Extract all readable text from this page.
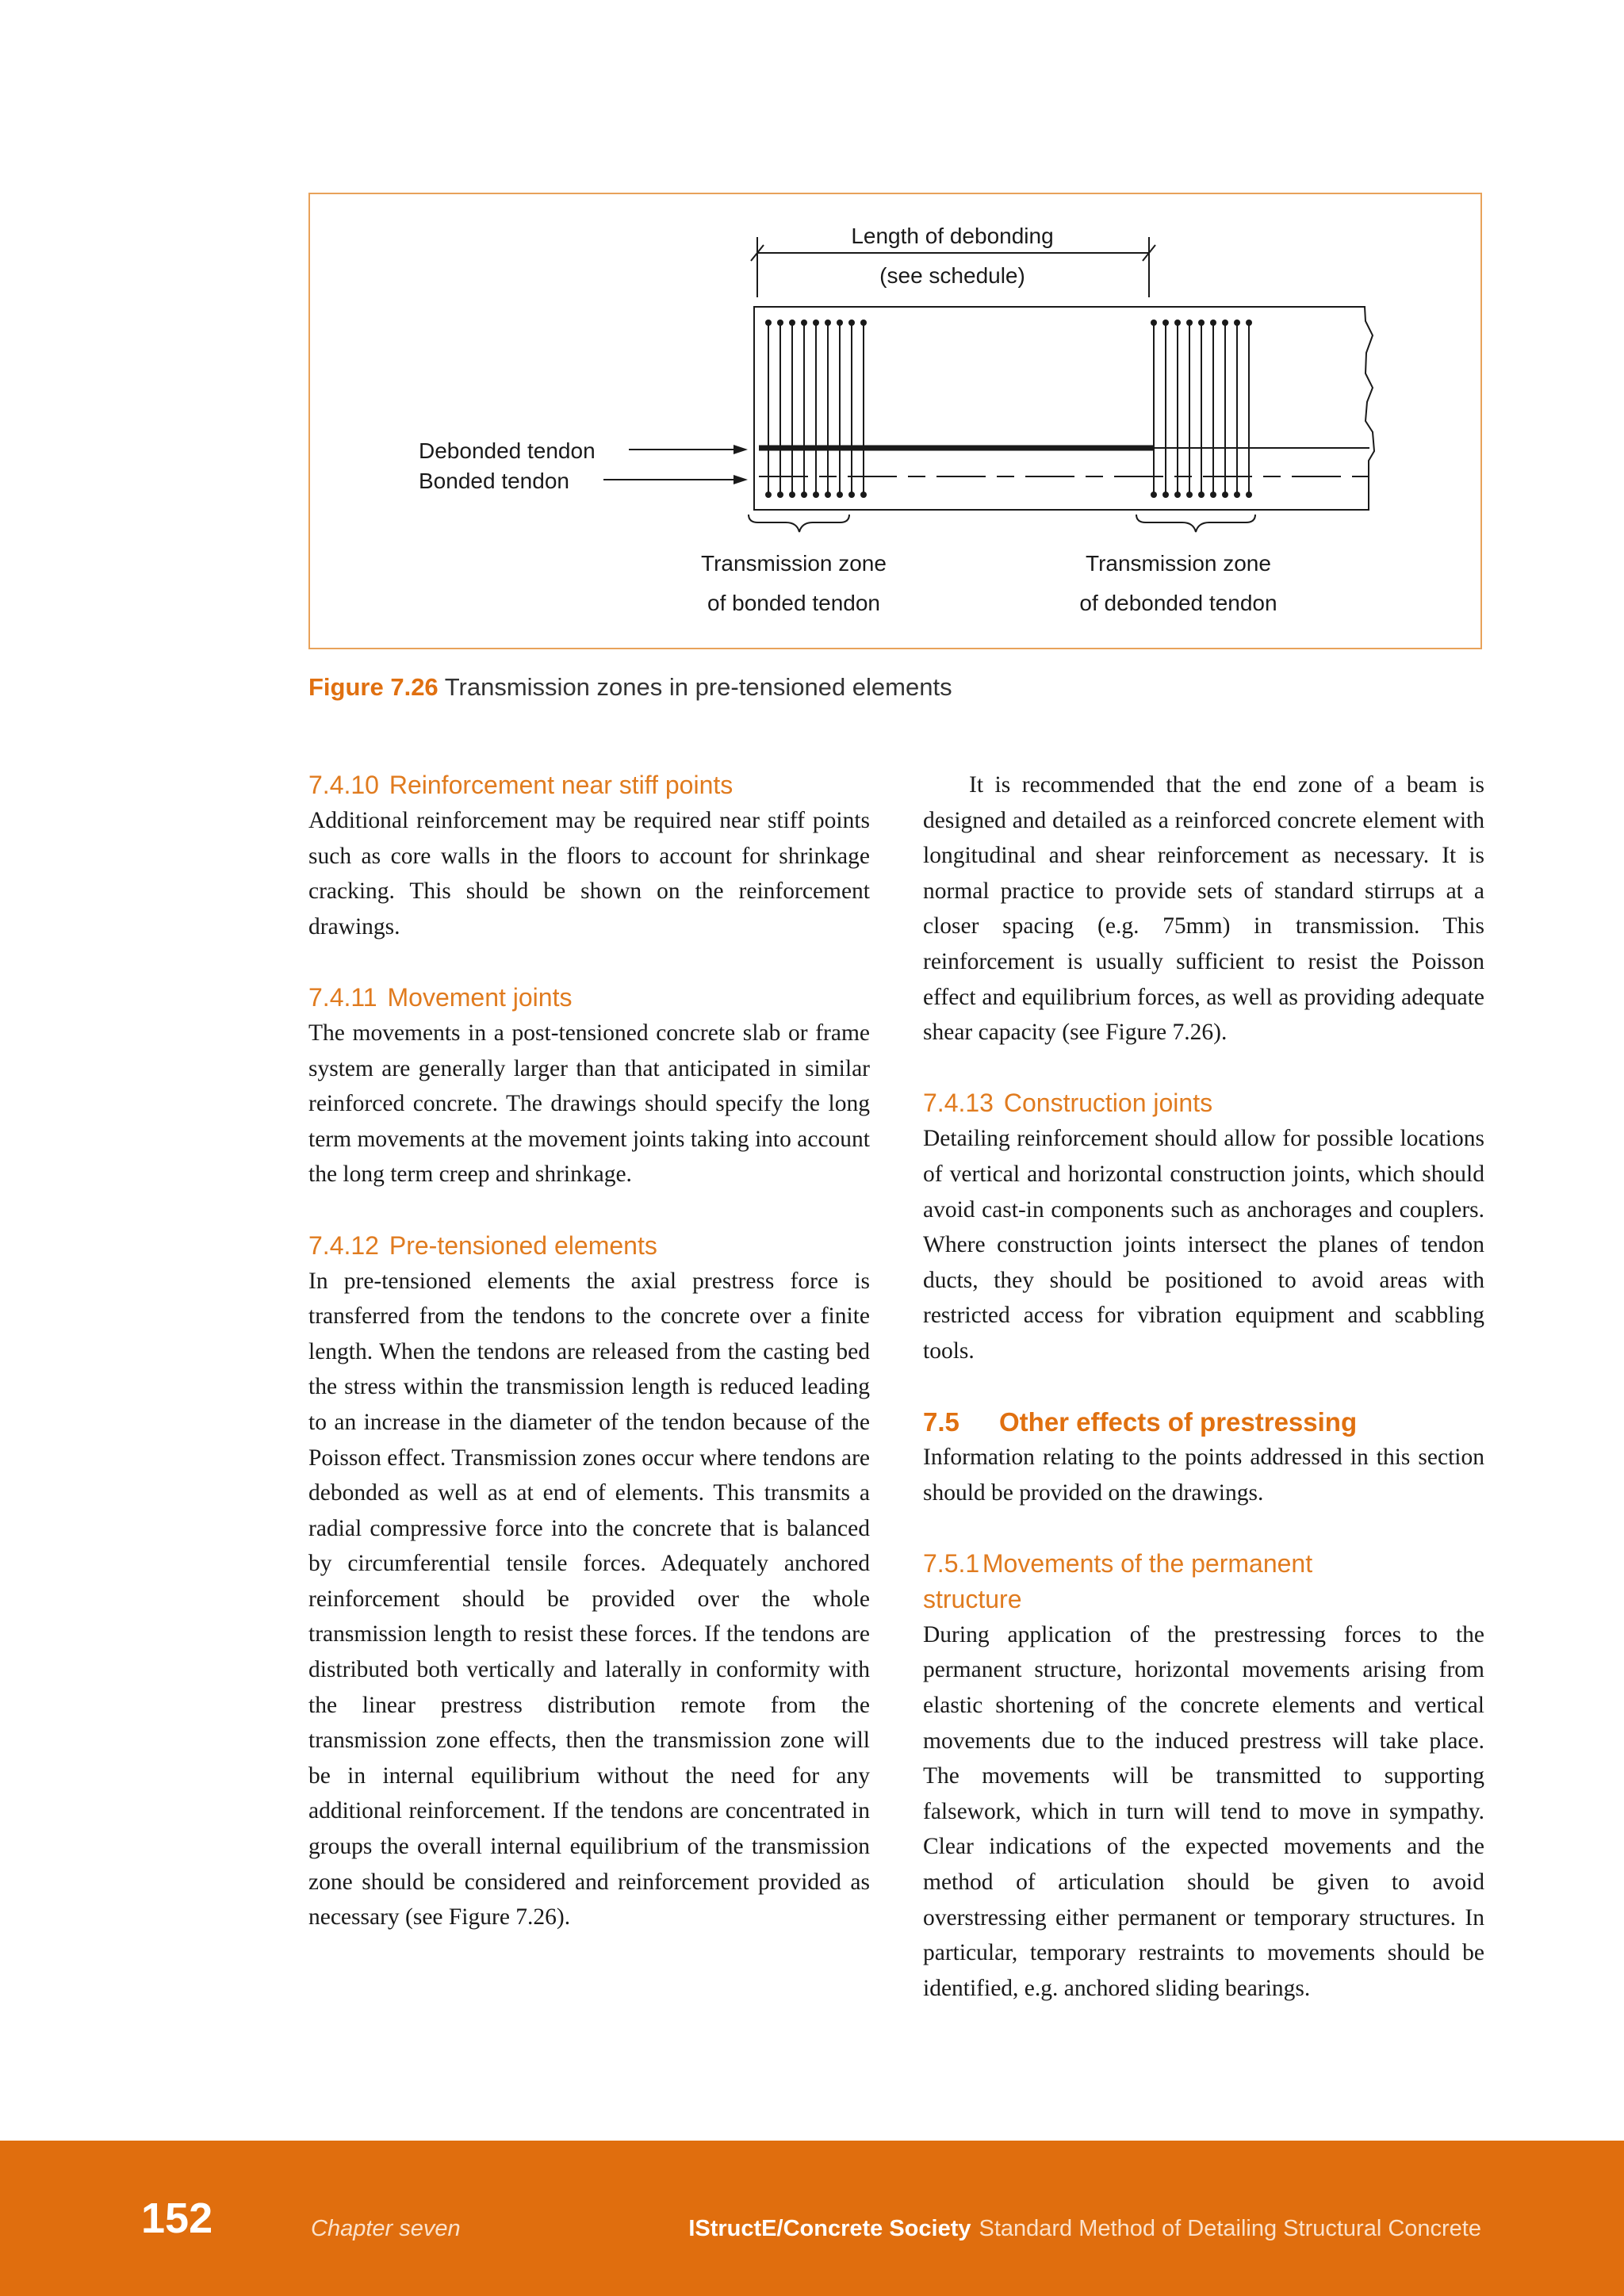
Length of debonding
(see schedule)
Debonded tendon
Bonded tendon
Transmission zone
of bonded tendon
Transmission zone
of debonded tendon
Figure 7.26 Transmission zones in pre-tensioned elements
7.4.10 Reinforcement near stiff points

Additional reinforcement may be required near stiff points such as core walls in the floors to account for shrinkage cracking. This should be shown on the reinforcement drawings.

7.4.11 Movement joints

The movements in a post-tensioned concrete slab or frame system are generally larger than that anticipated in similar reinforced concrete. The drawings should specify the long term movements at the movement joints taking into account the long term creep and shrinkage.

7.4.12 Pre-tensioned elements

In pre-tensioned elements the axial prestress force is transferred from the tendons to the concrete over a finite length. When the tendons are released from the casting bed the stress within the transmission length is reduced leading to an increase in the diameter of the tendon because of the Poisson effect. Transmission zones occur where tendons are debonded as well as at end of elements. This transmits a radial compressive force into the concrete that is balanced by circumferential tensile forces. Adequately anchored reinforcement should be provided over the whole transmission length to resist these forces. If the tendons are distributed both vertically and laterally in conformity with the linear prestress distribution remote from the transmission zone effects, then the transmission zone will be in internal equilibrium without the need for any additional reinforcement. If the tendons are concentrated in groups the overall internal equilibrium of the transmission zone should be considered and reinforcement provided as necessary (see Figure 7.26).

It is recommended that the end zone of a beam is designed and detailed as a reinforced concrete element with longitudinal and shear reinforcement as necessary. It is normal practice to provide sets of standard stirrups at a closer spacing (e.g. 75mm) in transmission. This reinforcement is usually sufficient to resist the Poisson effect and equilibrium forces, as well as providing adequate shear capacity (see Figure 7.26).

7.4.13 Construction joints

Detailing reinforcement should allow for possible locations of vertical and horizontal construction joints, which should avoid cast-in components such as anchorages and couplers. Where construction joints intersect the planes of tendon ducts, they should be positioned to avoid areas with restricted access for vibration equipment and scabbling tools.

7.5 Other effects of prestressing

Information relating to the points addressed in this section should be provided on the drawings.

7.5.1 Movements of the permanent
structure

During application of the prestressing forces to the permanent structure, horizontal movements arising from elastic shortening of the concrete elements and vertical movements due to the induced prestress will take place. The movements will be transmitted to supporting falsework, which in turn will tend to move in sympathy. Clear indications of the expected movements and the method of articulation should be given to avoid overstressing either permanent or temporary structures. In particular, temporary restraints to movements should be identified, e.g. anchored sliding bearings.

152	Chapter seven	IStructE/Concrete Society Standard Method of Detailing Structural Concrete
